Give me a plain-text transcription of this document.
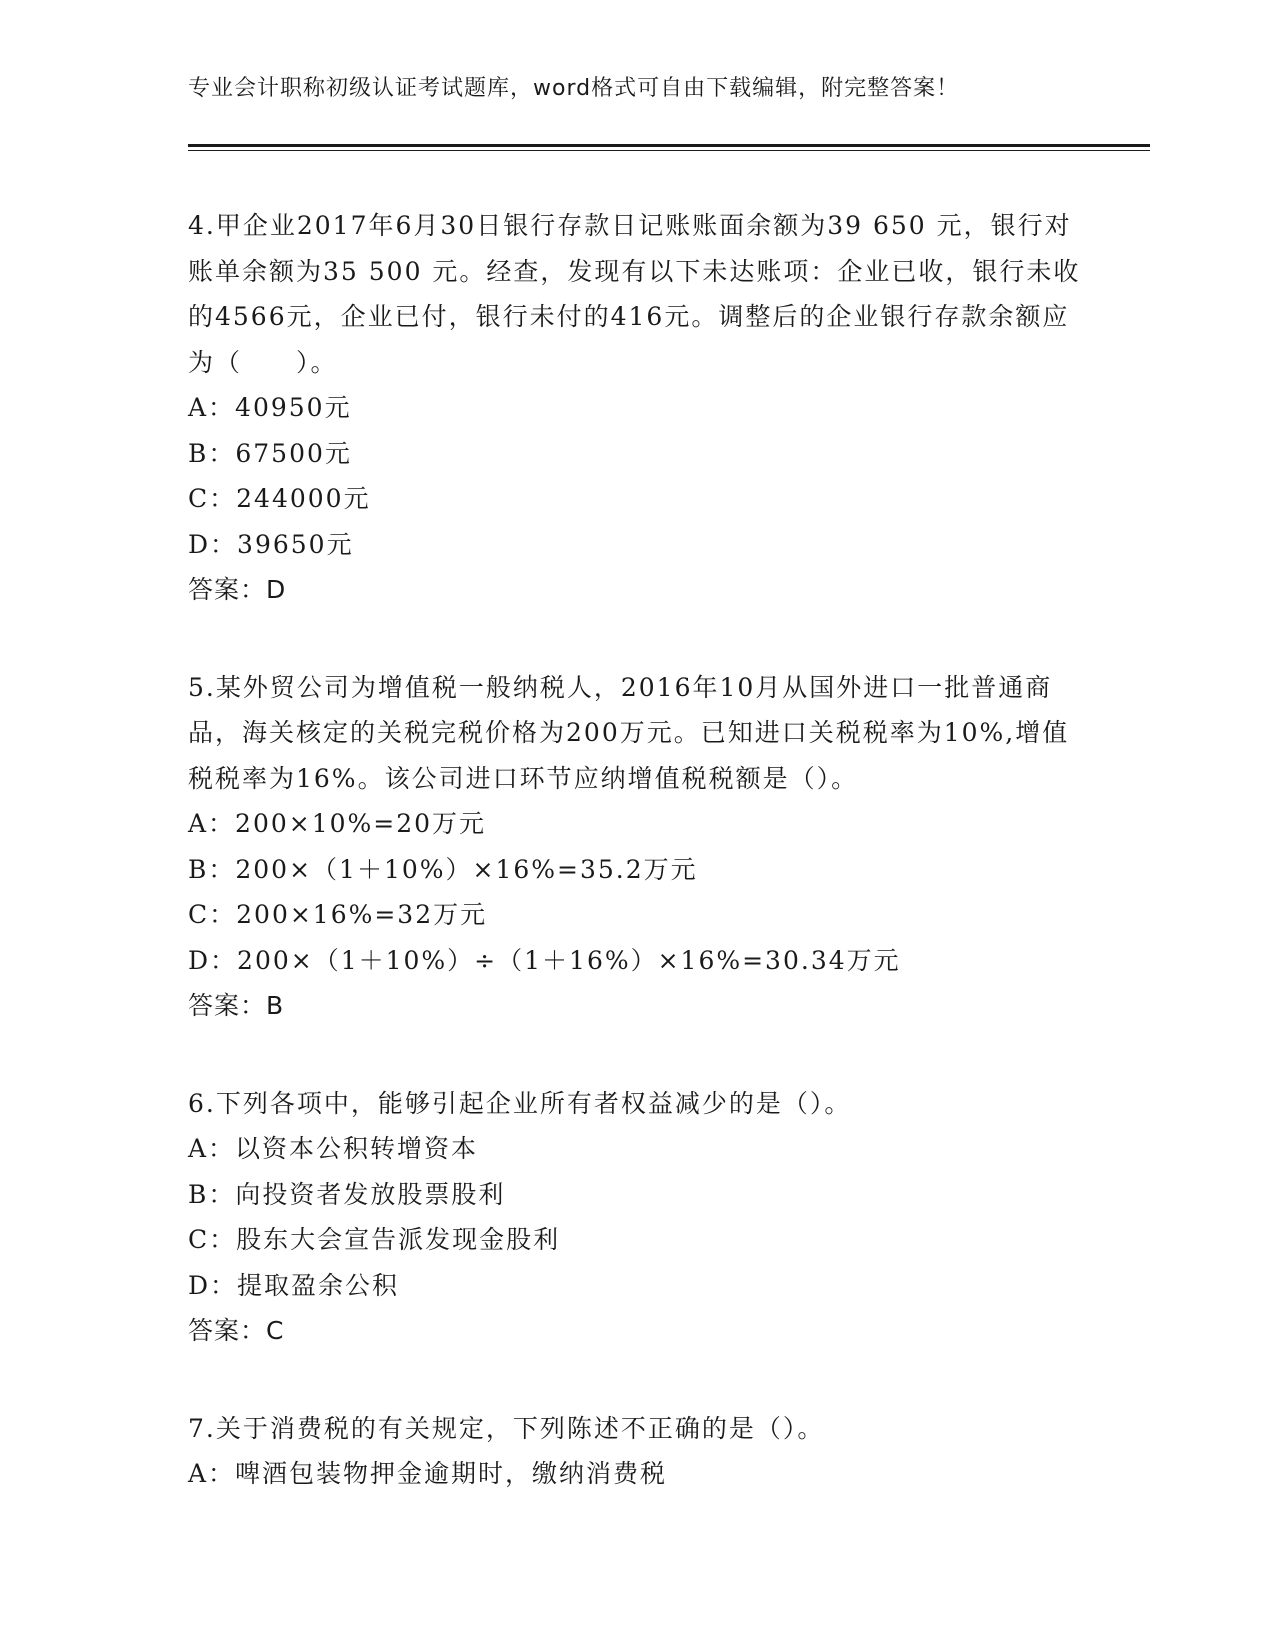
专业会计职称初级认证考试题库，word格式可自由下载编辑，附完整答案！
4.甲企业2017年6月30日银行存款日记账账面余额为39 650 元，银行对账单余额为35 500 元。经查，发现有以下未达账项：企业已收，银行未收的4566元，企业已付，银行未付的416元。调整后的企业银行存款余额应为（　　）。
A：40950元
B：67500元
C：244000元
D：39650元
答案：D
5.某外贸公司为增值税一般纳税人，2016年10月从国外进口一批普通商品，海关核定的关税完税价格为200万元。已知进口关税税率为10%,增值税税率为16%。该公司进口环节应纳增值税税额是（）。
A：200×10%=20万元
B：200×（1＋10%）×16%=35.2万元
C：200×16%=32万元
D：200×（1＋10%）÷（1＋16%）×16%=30.34万元
答案：B
6.下列各项中，能够引起企业所有者权益减少的是（）。
A：以资本公积转增资本
B：向投资者发放股票股利
C：股东大会宣告派发现金股利
D：提取盈余公积
答案：C
7.关于消费税的有关规定，下列陈述不正确的是（）。
A：啤酒包装物押金逾期时，缴纳消费税
